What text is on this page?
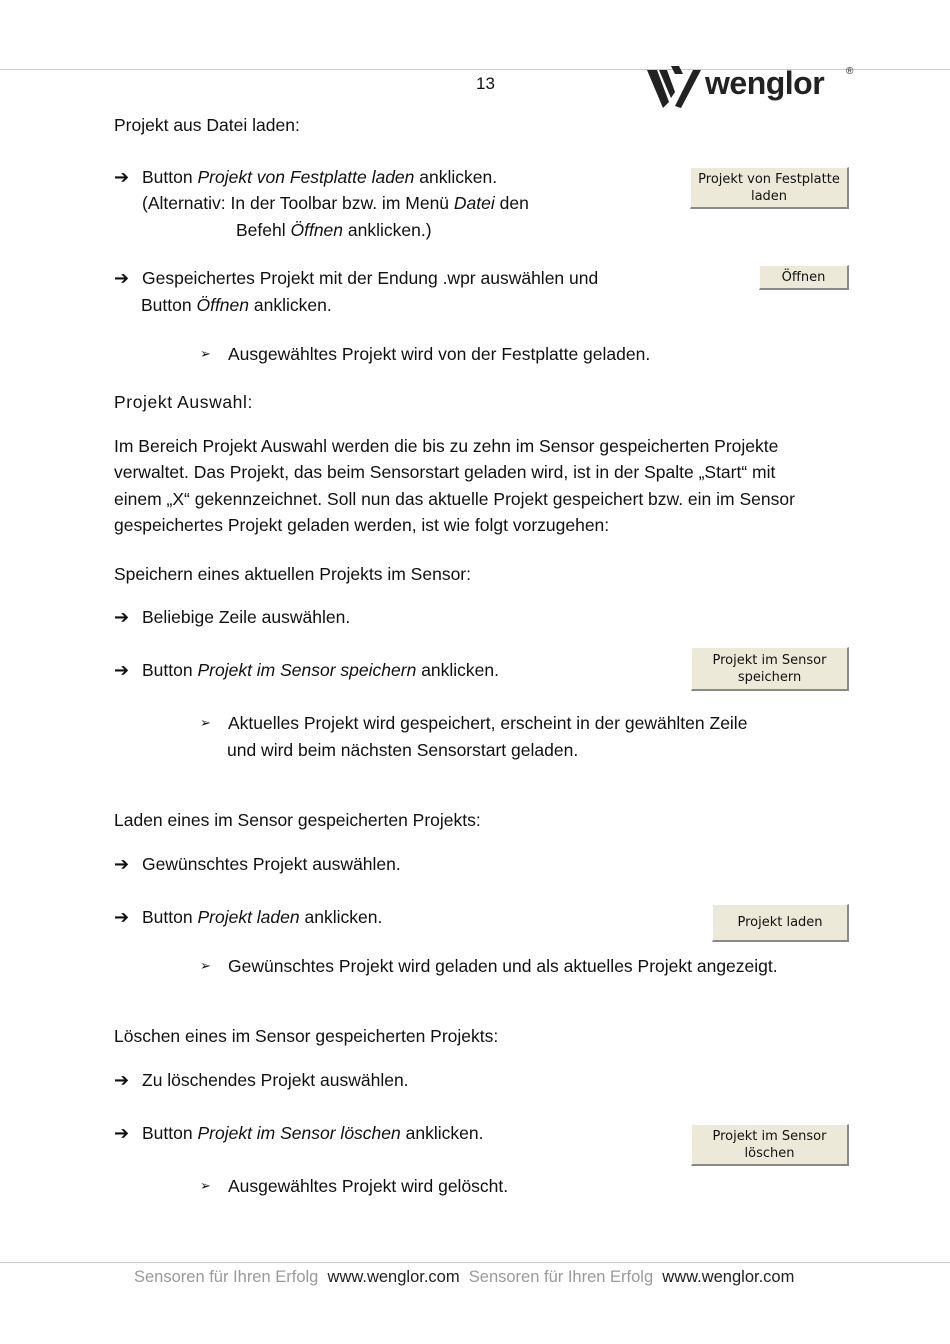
13	wenglor ®
Projekt aus Datei laden:
➔ Button Projekt von Festplatte laden anklicken.
(Alternativ: In der Toolbar bzw. im Menü Datei den
Befehl Öffnen anklicken.)
Projekt von Festplatte
laden
➔ Gespeichertes Projekt mit der Endung .wpr auswählen und
Button Öffnen anklicken.
Öffnen
➢ Ausgewähltes Projekt wird von der Festplatte geladen.
Projekt Auswahl:
Im Bereich Projekt Auswahl werden die bis zu zehn im Sensor gespeicherten Projekte
verwaltet. Das Projekt, das beim Sensorstart geladen wird, ist in der Spalte „Start“ mit
einem „X“ gekennzeichnet. Soll nun das aktuelle Projekt gespeichert bzw. ein im Sensor
gespeichertes Projekt geladen werden, ist wie folgt vorzugehen:
Speichern eines aktuellen Projekts im Sensor:
➔ Beliebige Zeile auswählen.
➔ Button Projekt im Sensor speichern anklicken.	Projekt im Sensor
speichern
➢ Aktuelles Projekt wird gespeichert, erscheint in der gewählten Zeile
und wird beim nächsten Sensorstart geladen.
Laden eines im Sensor gespeicherten Projekts:
➔ Gewünschtes Projekt auswählen.
➔ Button Projekt laden anklicken.	Projekt laden
➢ Gewünschtes Projekt wird geladen und als aktuelles Projekt angezeigt.
Löschen eines im Sensor gespeicherten Projekts:
➔ Zu löschendes Projekt auswählen.
➔ Button Projekt im Sensor löschen anklicken.	Projekt im Sensor
löschen
➢ Ausgewähltes Projekt wird gelöscht.
Sensoren für Ihren Erfolg www.wenglor.com Sensoren für Ihren Erfolg www.wenglor.com
